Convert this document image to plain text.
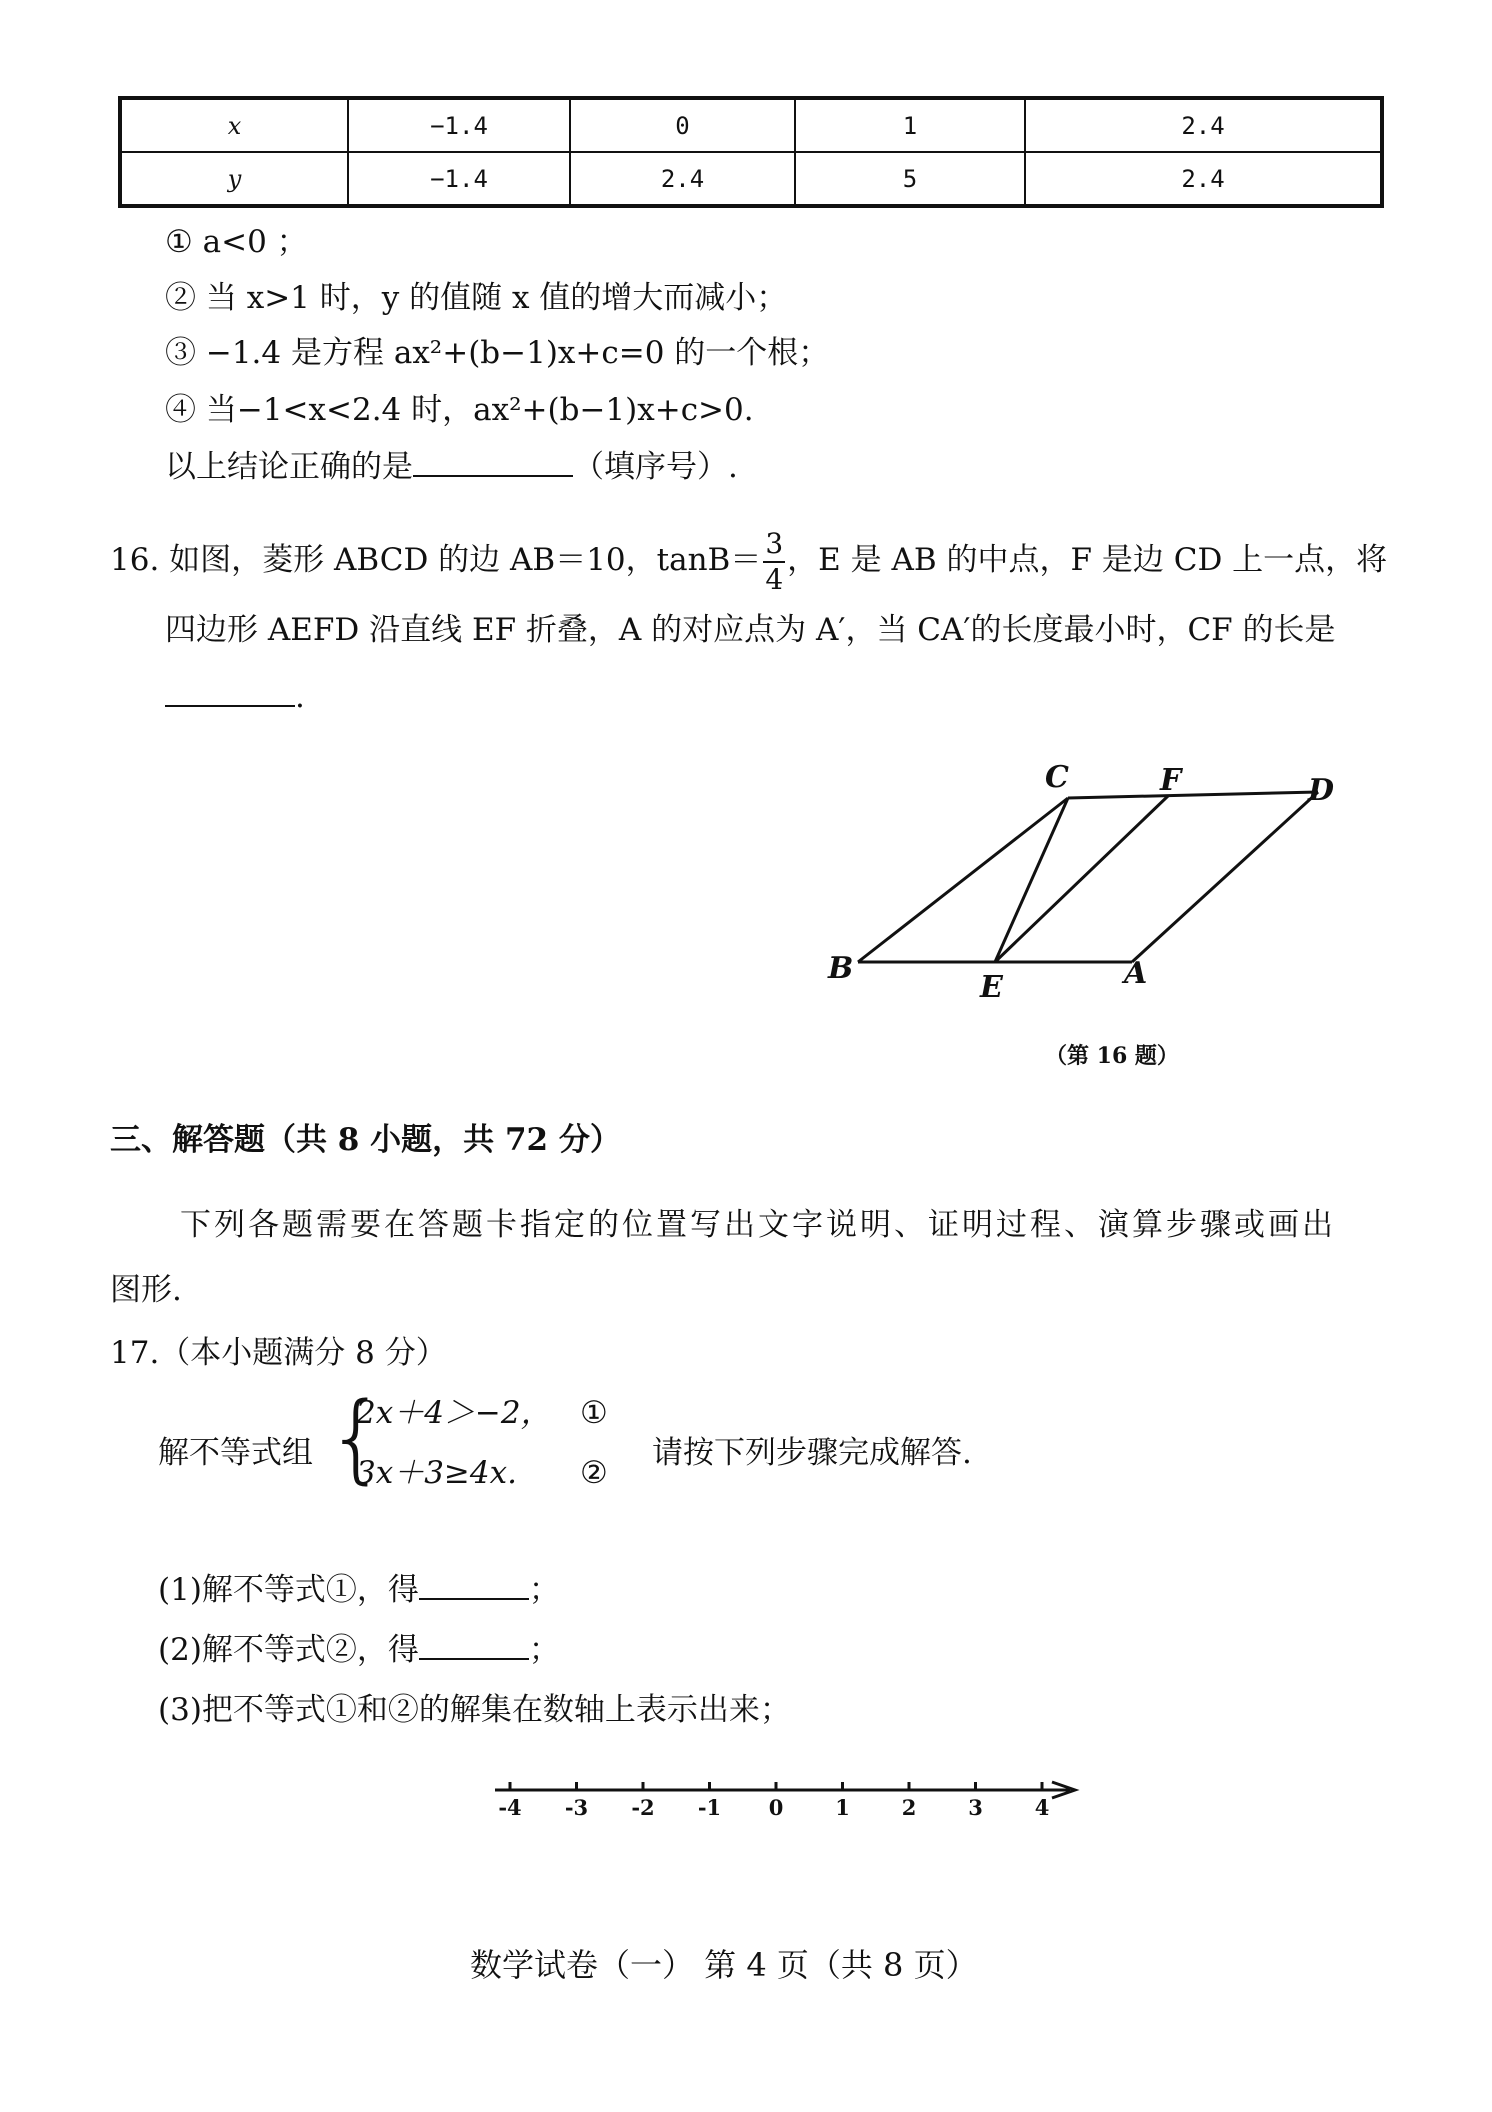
x	−1.4	0	1	2.4
y	−1.4	2.4	5	2.4
① a<0 ；
② 当 x>1 时，y 的值随 x 值的增大而减小；
③ −1.4 是方程 ax²+(b−1)x+c=0 的一个根；
④ 当−1<x<2.4 时，ax²+(b−1)x+c>0.
以上结论正确的是	（填序号）.
16. 如图，菱形 ABCD 的边 AB＝10，$\tan B= \frac{3}{4}$ ，E 是 AB 的中点，F 是边 CD 上一点，将
四边形 AEFD 沿直线 EF 折叠，A 的对应点为 A′，当 CA′的长度最小时，CF 的长是
.
C	F	D
B
E	A
（第 16 题）
三、解答题（共 8 小题，共 72 分）
下列各题需要在答题卡指定的位置写出文字说明、证明过程、演算步骤或画出
图形.
17.（本小题满分 8 分）
解不等式组 {
2x＋4＞−2， ①
3x＋3≥4x. ②
请按下列步骤完成解答.
(1)解不等式①，得	；
(2)解不等式②，得	；
(3)把不等式①和②的解集在数轴上表示出来；
-4 -3 -2 -1 0 1 2 3 4
数学试卷（一） 第 4 页（共 8 页）
